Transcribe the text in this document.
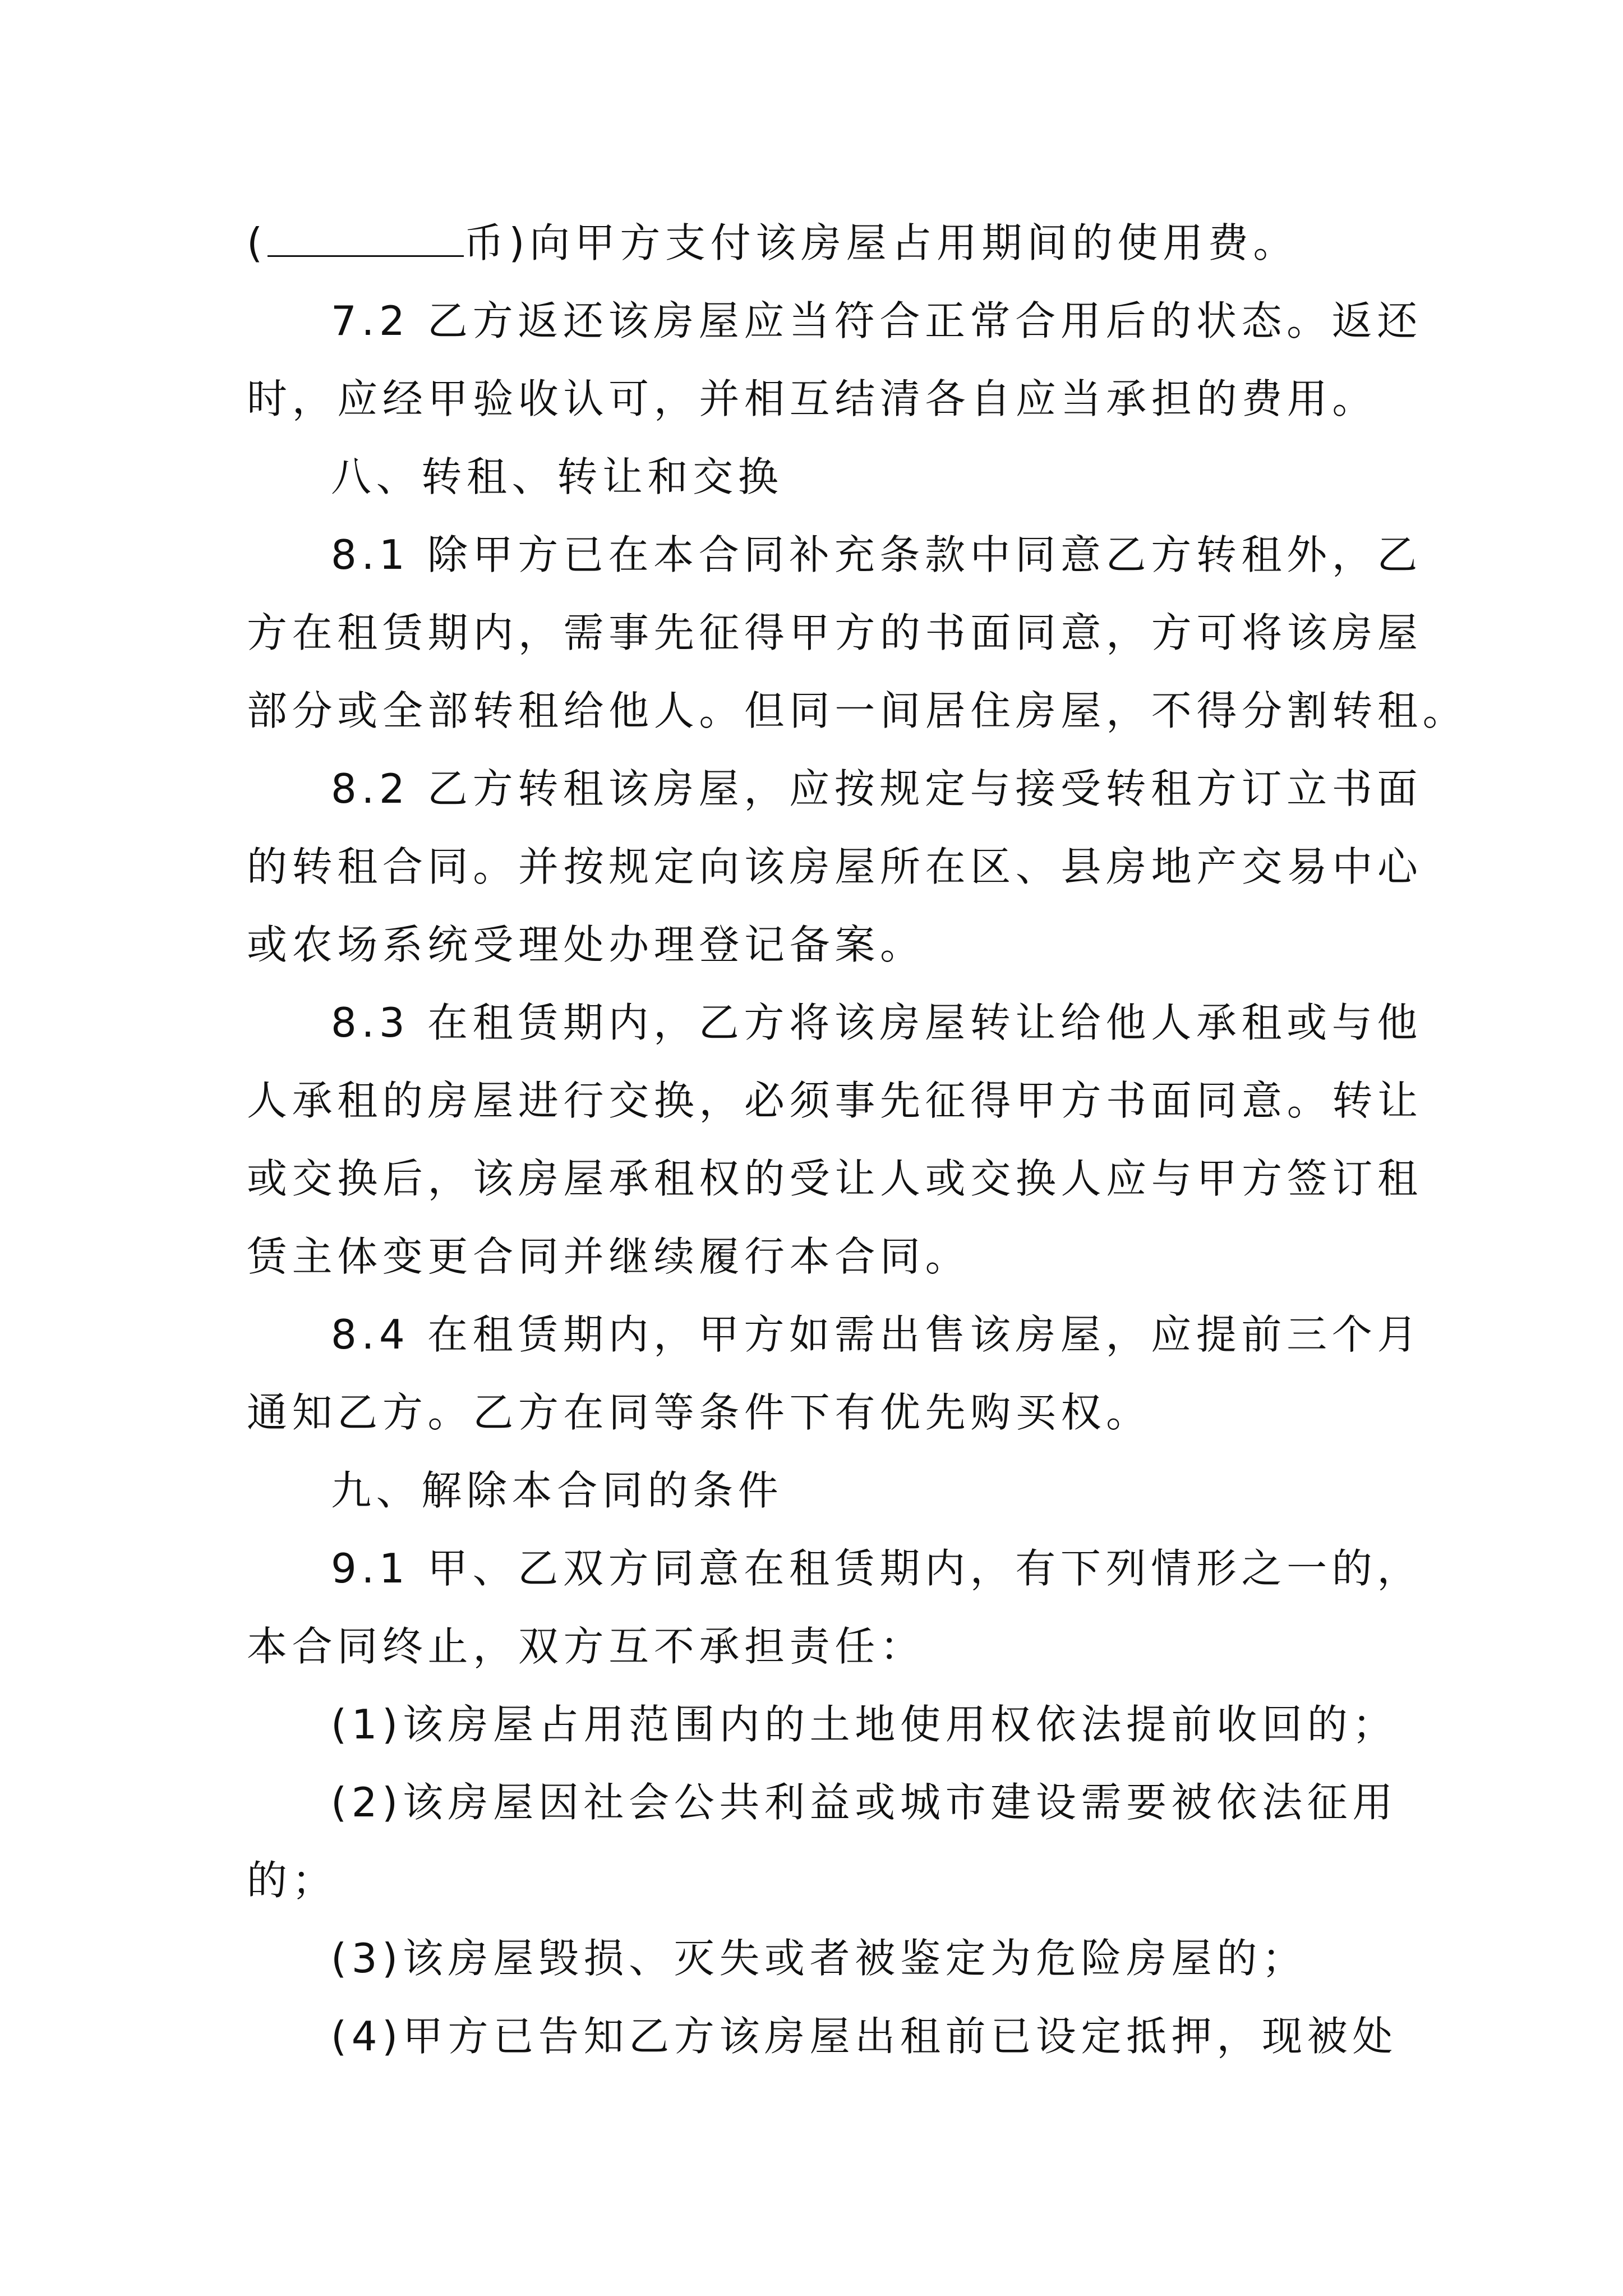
(	币)向甲方支付该房屋占用期间的使用费。
7.2 乙方返还该房屋应当符合正常合用后的状态。返还
时，应经甲验收认可，并相互结清各自应当承担的费用。
八、转租、转让和交换
8.1 除甲方已在本合同补充条款中同意乙方转租外，乙
方在租赁期内，需事先征得甲方的书面同意，方可将该房屋
部分或全部转租给他人。但同一间居住房屋，不得分割转租。
8.2 乙方转租该房屋，应按规定与接受转租方订立书面
的转租合同。并按规定向该房屋所在区、县房地产交易中心
或农场系统受理处办理登记备案。
8.3 在租赁期内，乙方将该房屋转让给他人承租或与他
人承租的房屋进行交换，必须事先征得甲方书面同意。转让
或交换后，该房屋承租权的受让人或交换人应与甲方签订租
赁主体变更合同并继续履行本合同。
8.4 在租赁期内，甲方如需出售该房屋，应提前三个月
通知乙方。乙方在同等条件下有优先购买权。
九、解除本合同的条件
9.1 甲、乙双方同意在租赁期内，有下列情形之一的，
本合同终止，双方互不承担责任：
(1)该房屋占用范围内的土地使用权依法提前收回的；
(2)该房屋因社会公共利益或城市建设需要被依法征用
的；
(3)该房屋毁损、灭失或者被鉴定为危险房屋的；
(4)甲方已告知乙方该房屋出租前已设定抵押，现被处
